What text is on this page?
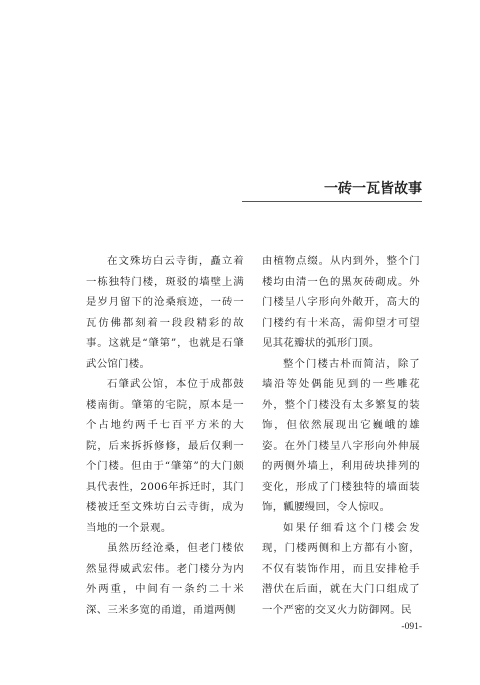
一砖一瓦皆故事

在文殊坊白云寺街，矗立着一栋独特门楼，斑驳的墙壁上满是岁月留下的沧桑痕迹，一砖一瓦仿佛都刻着一段段精彩的故事。这就是“肇第”，也就是石肇武公馆门楼。

石肇武公馆，本位于成都鼓楼南街。肇第的宅院，原本是一个占地约两千七百平方米的大院，后来拆拆修修，最后仅剩一个门楼。但由于“肇第”的大门颇具代表性，2006年拆迁时，其门楼被迁至文殊坊白云寺街，成为当地的一个景观。

虽然历经沧桑，但老门楼依然显得威武宏伟。老门楼分为内外两重，中间有一条约二十米深、三米多宽的甬道，甬道两侧

由植物点缀。从内到外，整个门楼均由清一色的黑灰砖砌成。外门楼呈八字形向外敞开，高大的门楼约有十米高，需仰望才可望见其花瓣状的弧形门顶。

整个门楼古朴而简洁，除了墙沿等处偶能见到的一些雕花外，整个门楼没有太多繁复的装饰，但依然展现出它巍峨的雄姿。在外门楼呈八字形向外伸展的两侧外墙上，利用砖块排列的变化，形成了门楼独特的墙面装饰，瓤腰缦回，令人惊叹。

如果仔细看这个门楼会发现，门楼两侧和上方都有小窗，不仅有装饰作用，而且安排枪手潜伏在后面，就在大门口组成了一个严密的交叉火力防御网。民

-091-
